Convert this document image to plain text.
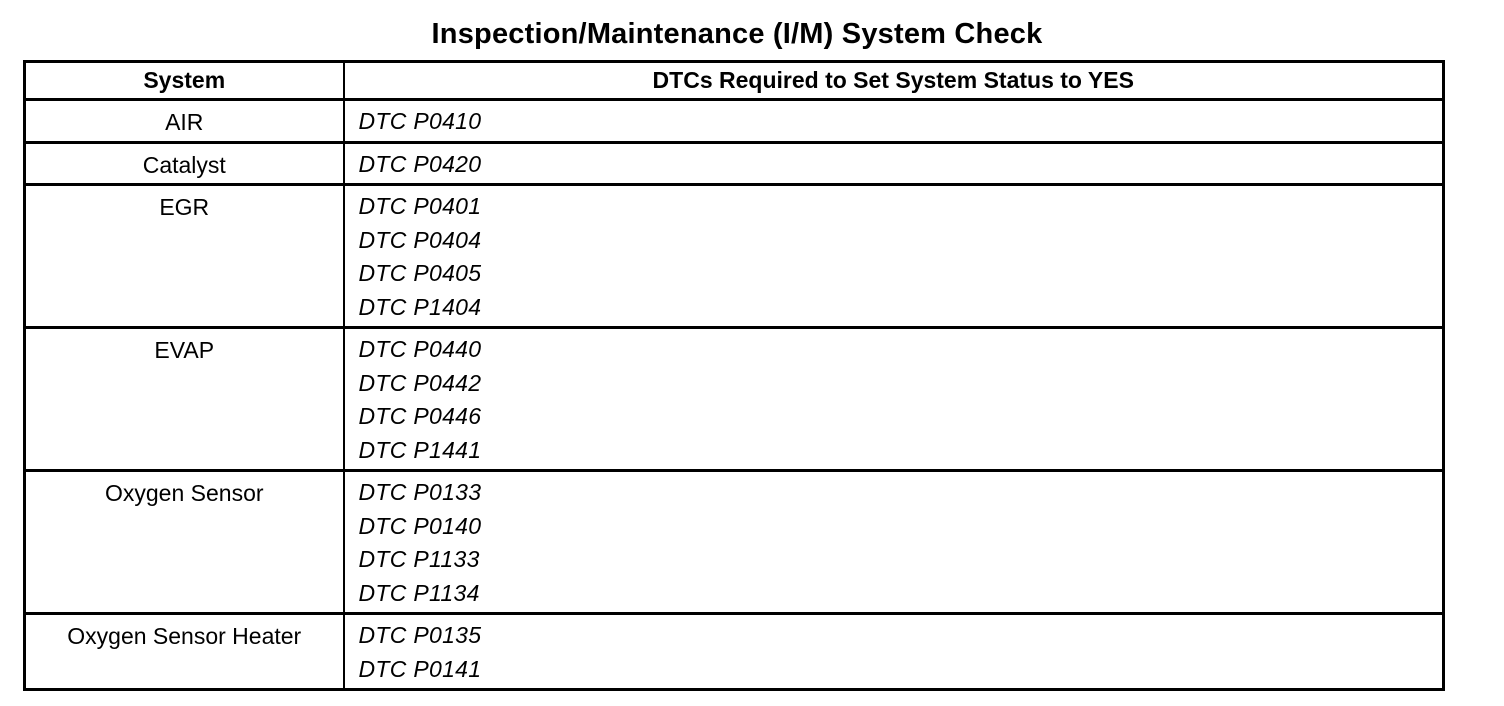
Inspection/Maintenance (I/M) System Check
System	DTCs Required to Set System Status to YES
AIR	DTC P0410

Catalyst	DTC P0420

EGR	DTC P0401
DTC P0404
DTC P0405
DTC P1404

EVAP	DTC P0440
DTC P0442
DTC P0446
DTC P1441

Oxygen Sensor	DTC P0133
DTC P0140
DTC P1133
DTC P1134

Oxygen Sensor Heater	DTC P0135
DTC P0141
